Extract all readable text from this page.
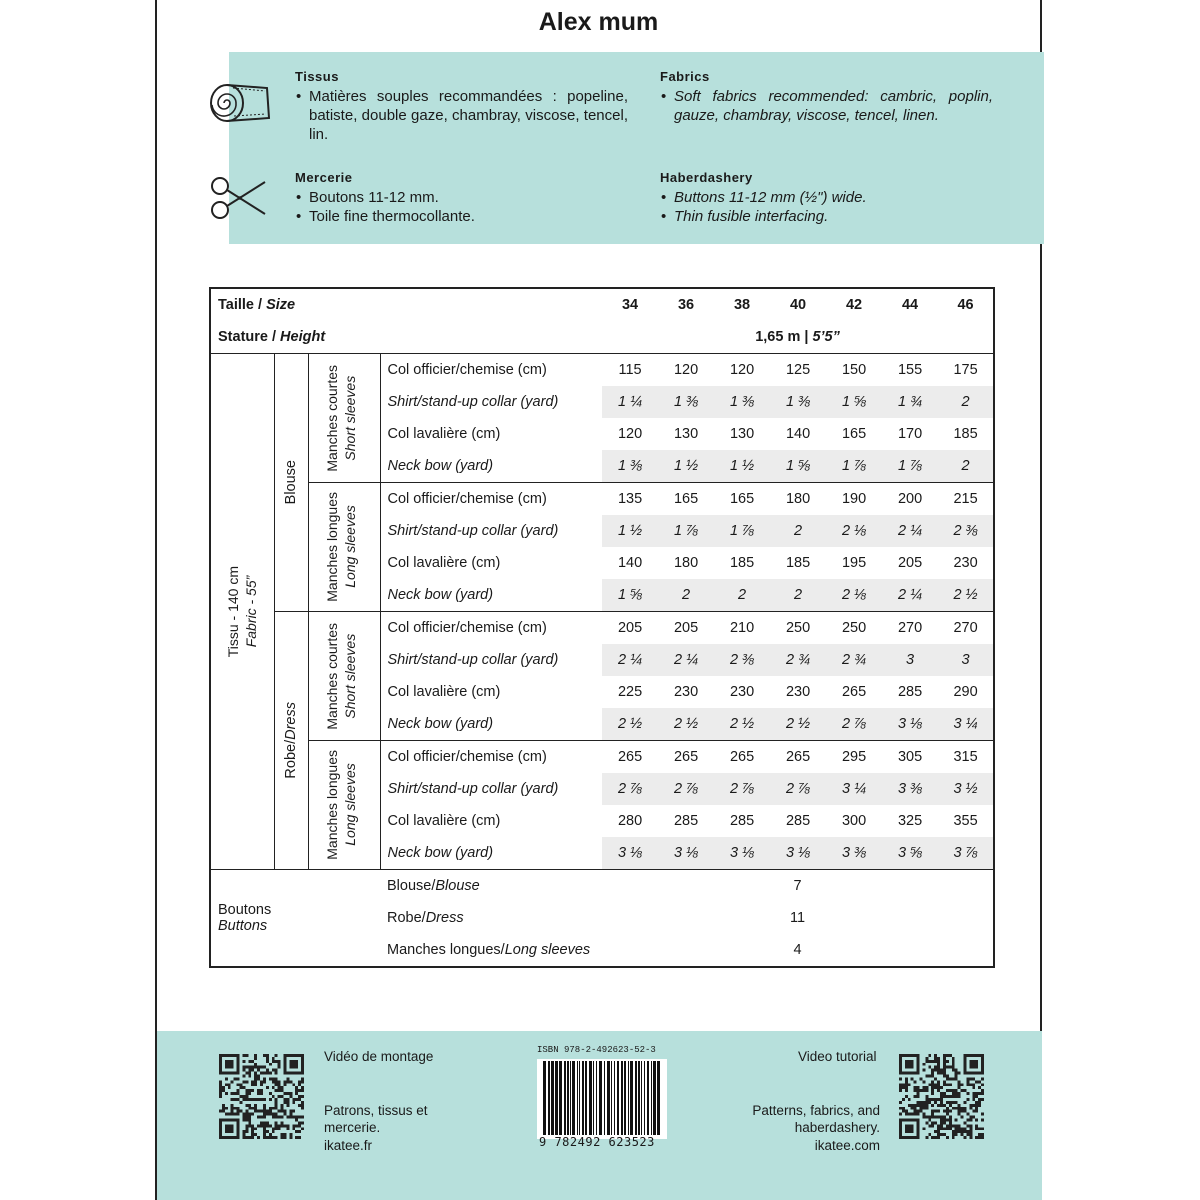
Alex mum
Tissus
• Matières souples recommandées : popeline, batiste, double gaze, chambray, viscose, tencel, lin.
Fabrics
• Soft fabrics recommended: cambric, poplin, gauze, chambray, viscose, tencel, linen.
Mercerie
• Boutons 11-12 mm.
• Toile fine thermocollante.
Haberdashery
• Buttons 11-12 mm (½") wide.
• Thin fusible interfacing.
Taille / Size				34	36	38	40	42	44	46
Stature / Height				1,65 m | 5’5”						

Tissu - 140 cm Fabric - 55”	Blouse	Manches courtes Short sleeves	Col officier/chemise (cm)	115	120	120	125	150	155	175
			Shirt/stand-up collar (yard)	1 ¼	1 ⅜	1 ⅜	1 ⅜	1 ⅝	1 ¾	2
			Col lavalière (cm)	120	130	130	140	165	170	185
			Neck bow (yard)	1 ⅜	1 ½	1 ½	1 ⅝	1 ⅞	1 ⅞	2

		Manches longues Long sleeves	Col officier/chemise (cm)	135	165	165	180	190	200	215
			Shirt/stand-up collar (yard)	1 ½	1 ⅞	1 ⅞	2	2 ⅛	2 ¼	2 ⅜
			Col lavalière (cm)	140	180	185	185	195	205	230
			Neck bow (yard)	1 ⅝	2	2	2	2 ⅛	2 ¼	2 ½

	Robe/Dress	Manches courtes Short sleeves	Col officier/chemise (cm)	205	205	210	250	250	270	270
			Shirt/stand-up collar (yard)	2 ¼	2 ¼	2 ⅜	2 ¾	2 ¾	3	3
			Col lavalière (cm)	225	230	230	230	265	285	290
			Neck bow (yard)	2 ½	2 ½	2 ½	2 ½	2 ⅞	3 ⅛	3 ¼

		Manches longues Long sleeves	Col officier/chemise (cm)	265	265	265	265	295	305	315
			Shirt/stand-up collar (yard)	2 ⅞	2 ⅞	2 ⅞	2 ⅞	3 ¼	3 ⅜	3 ½
			Col lavalière (cm)	280	285	285	285	300	325	355
			Neck bow (yard)	3 ⅛	3 ⅛	3 ⅛	3 ⅛	3 ⅜	3 ⅝	3 ⅞
Boutons
Buttons			Blouse/Blouse	7						
			Robe/Dress	11						
			Manches longues/Long sleeves	4						
Vidéo de montage
Patrons, tissus et mercerie.
ikatee.fr
ISBN 978-2-492623-52-3
9 782492 623523
Video tutorial
Patterns, fabrics, and haberdashery.
ikatee.com
